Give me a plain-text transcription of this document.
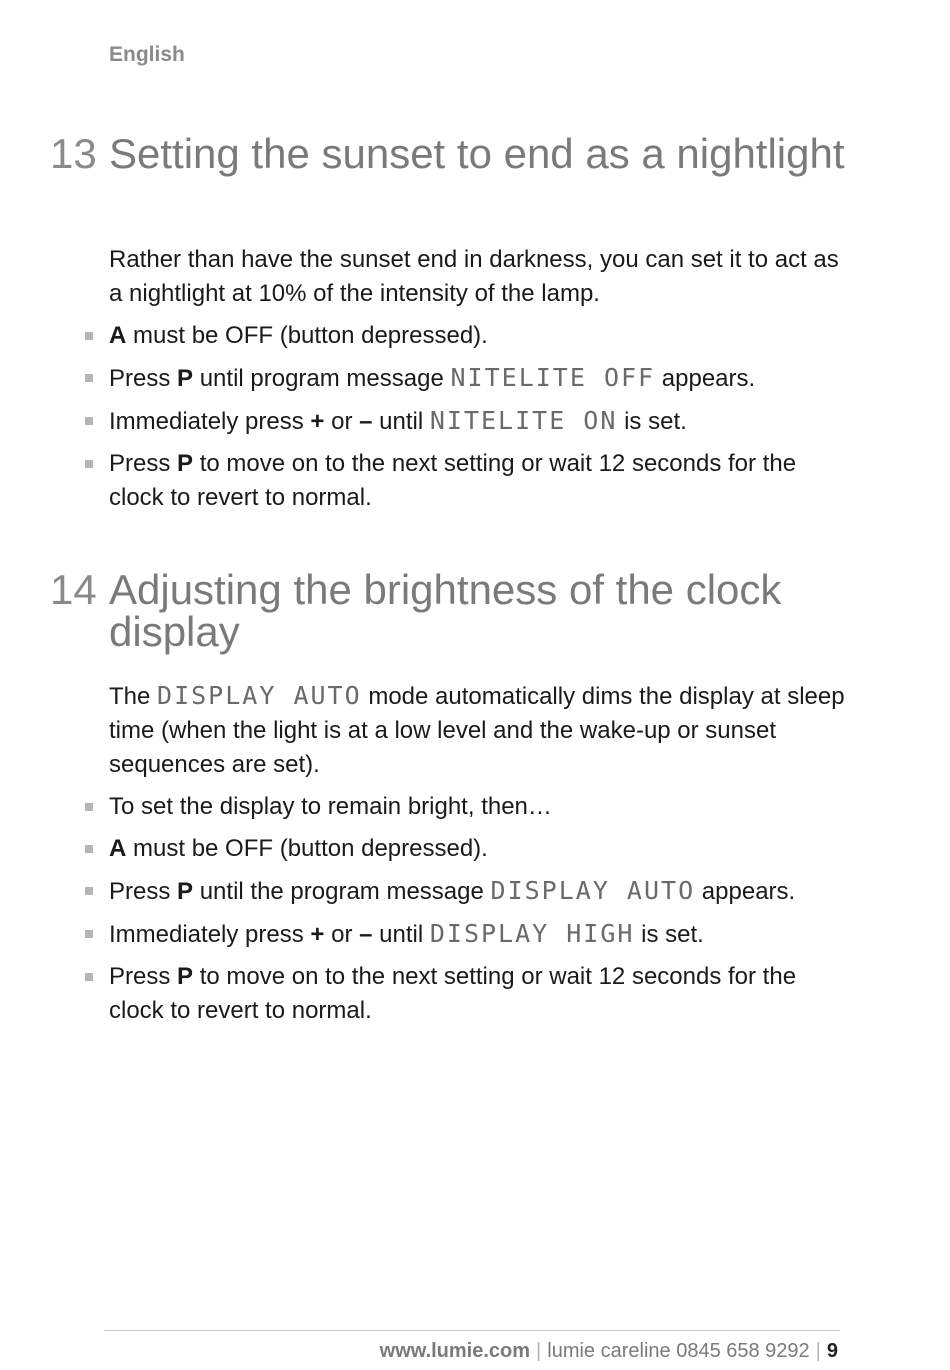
English
13 Setting the sunset to end as a nightlight

Rather than have the sunset end in darkness, you can set it to act as a nightlight at 10% of the intensity of the lamp.

A must be OFF (button depressed).
Press P until program message NITELITE OFF appears.
Immediately press + or – until NITELITE ON is set.
Press P to move on to the next setting or wait 12 seconds for the clock to revert to normal.
14 Adjusting the brightness of the clock display

The DISPLAY AUTO mode automatically dims the display at sleep time (when the light is at a low level and the wake-up or sunset sequences are set).

To set the display to remain bright, then…
A must be OFF (button depressed).
Press P until the program message DISPLAY AUTO appears.
Immediately press + or – until DISPLAY HIGH is set.
Press P to move on to the next setting or wait 12 seconds for the clock to revert to normal.
www.lumie.com | lumie careline 0845 658 9292 | 9
